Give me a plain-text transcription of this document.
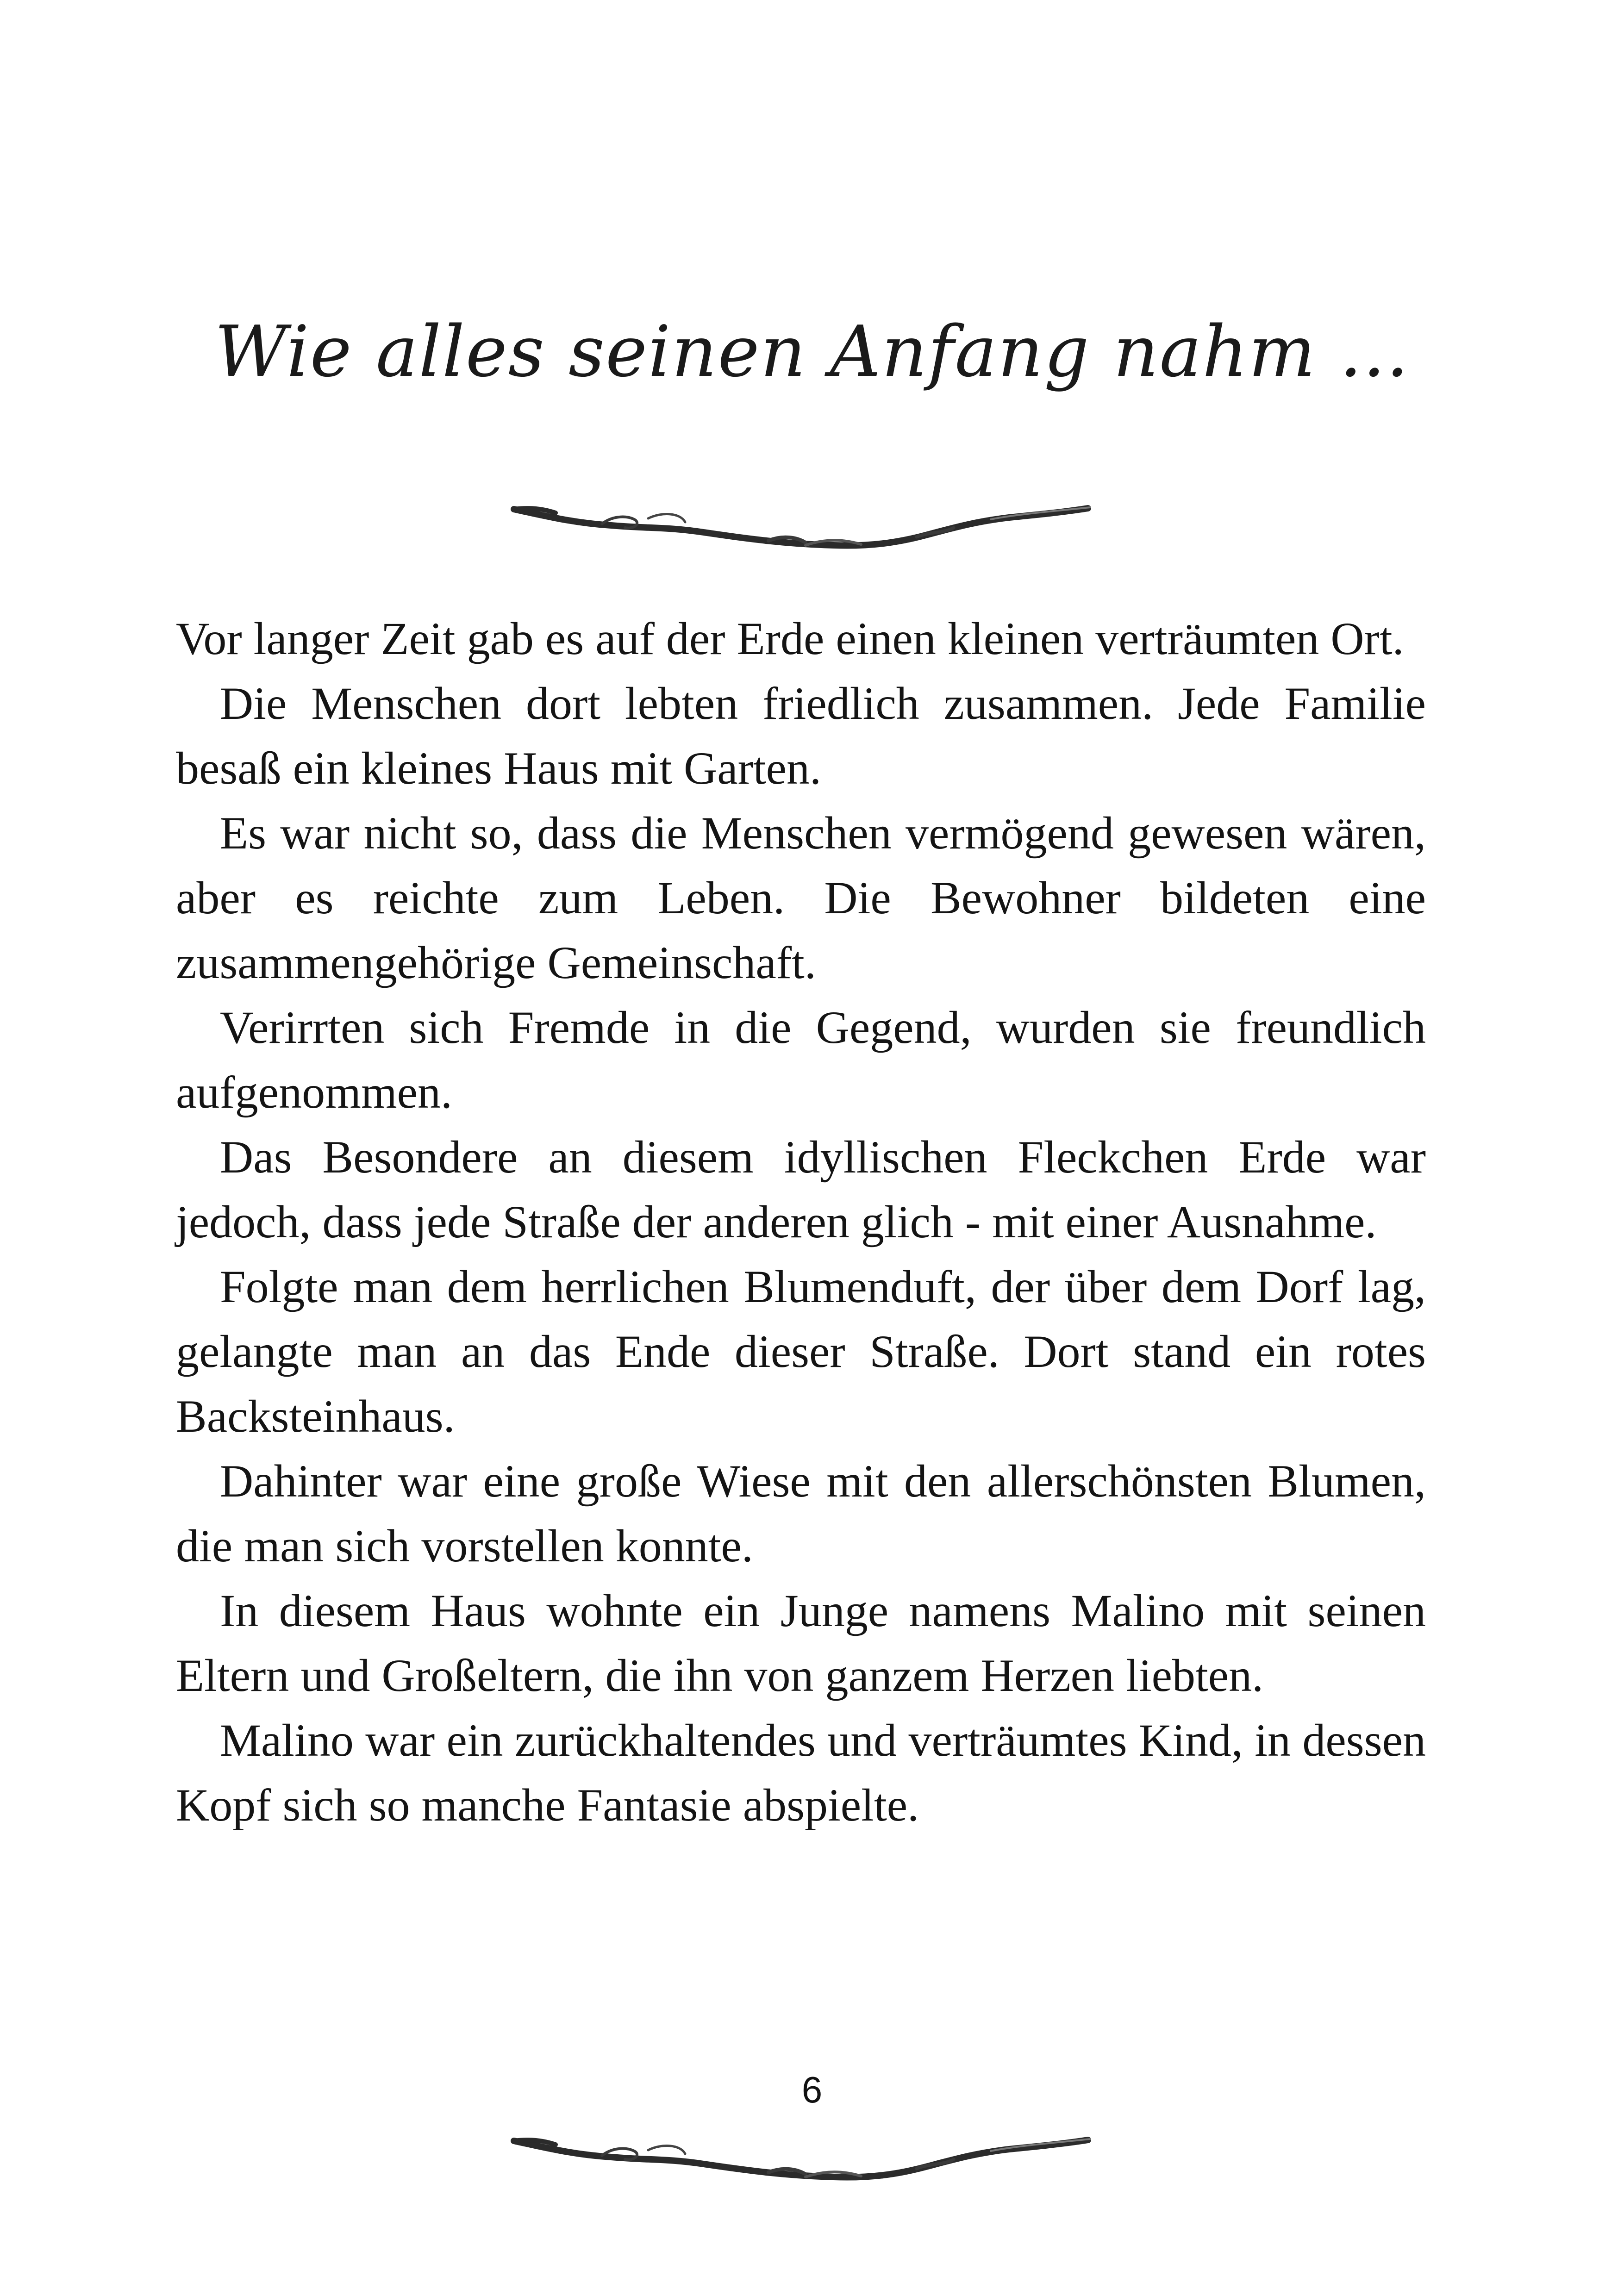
Wie alles seinen Anfang nahm ...

Vor langer Zeit gab es auf der Erde einen kleinen verträumten Ort.

Die Menschen dort lebten friedlich zusammen. Jede Familie besaß ein kleines Haus mit Garten.

Es war nicht so, dass die Menschen vermögend gewesen wären, aber es reichte zum Leben. Die Bewohner bildeten eine zusammengehörige Gemeinschaft.

Verirrten sich Fremde in die Gegend, wurden sie freundlich aufgenommen.

Das Besondere an diesem idyllischen Fleckchen Erde war jedoch, dass jede Straße der anderen glich - mit einer Ausnahme.

Folgte man dem herrlichen Blumenduft, der über dem Dorf lag, gelangte man an das Ende dieser Straße. Dort stand ein rotes Backsteinhaus.

Dahinter war eine große Wiese mit den allerschönsten Blumen, die man sich vorstellen konnte.

In diesem Haus wohnte ein Junge namens Malino mit seinen Eltern und Großeltern, die ihn von ganzem Herzen liebten.

Malino war ein zurückhaltendes und verträumtes Kind, in dessen Kopf sich so manche Fantasie abspielte.

6
